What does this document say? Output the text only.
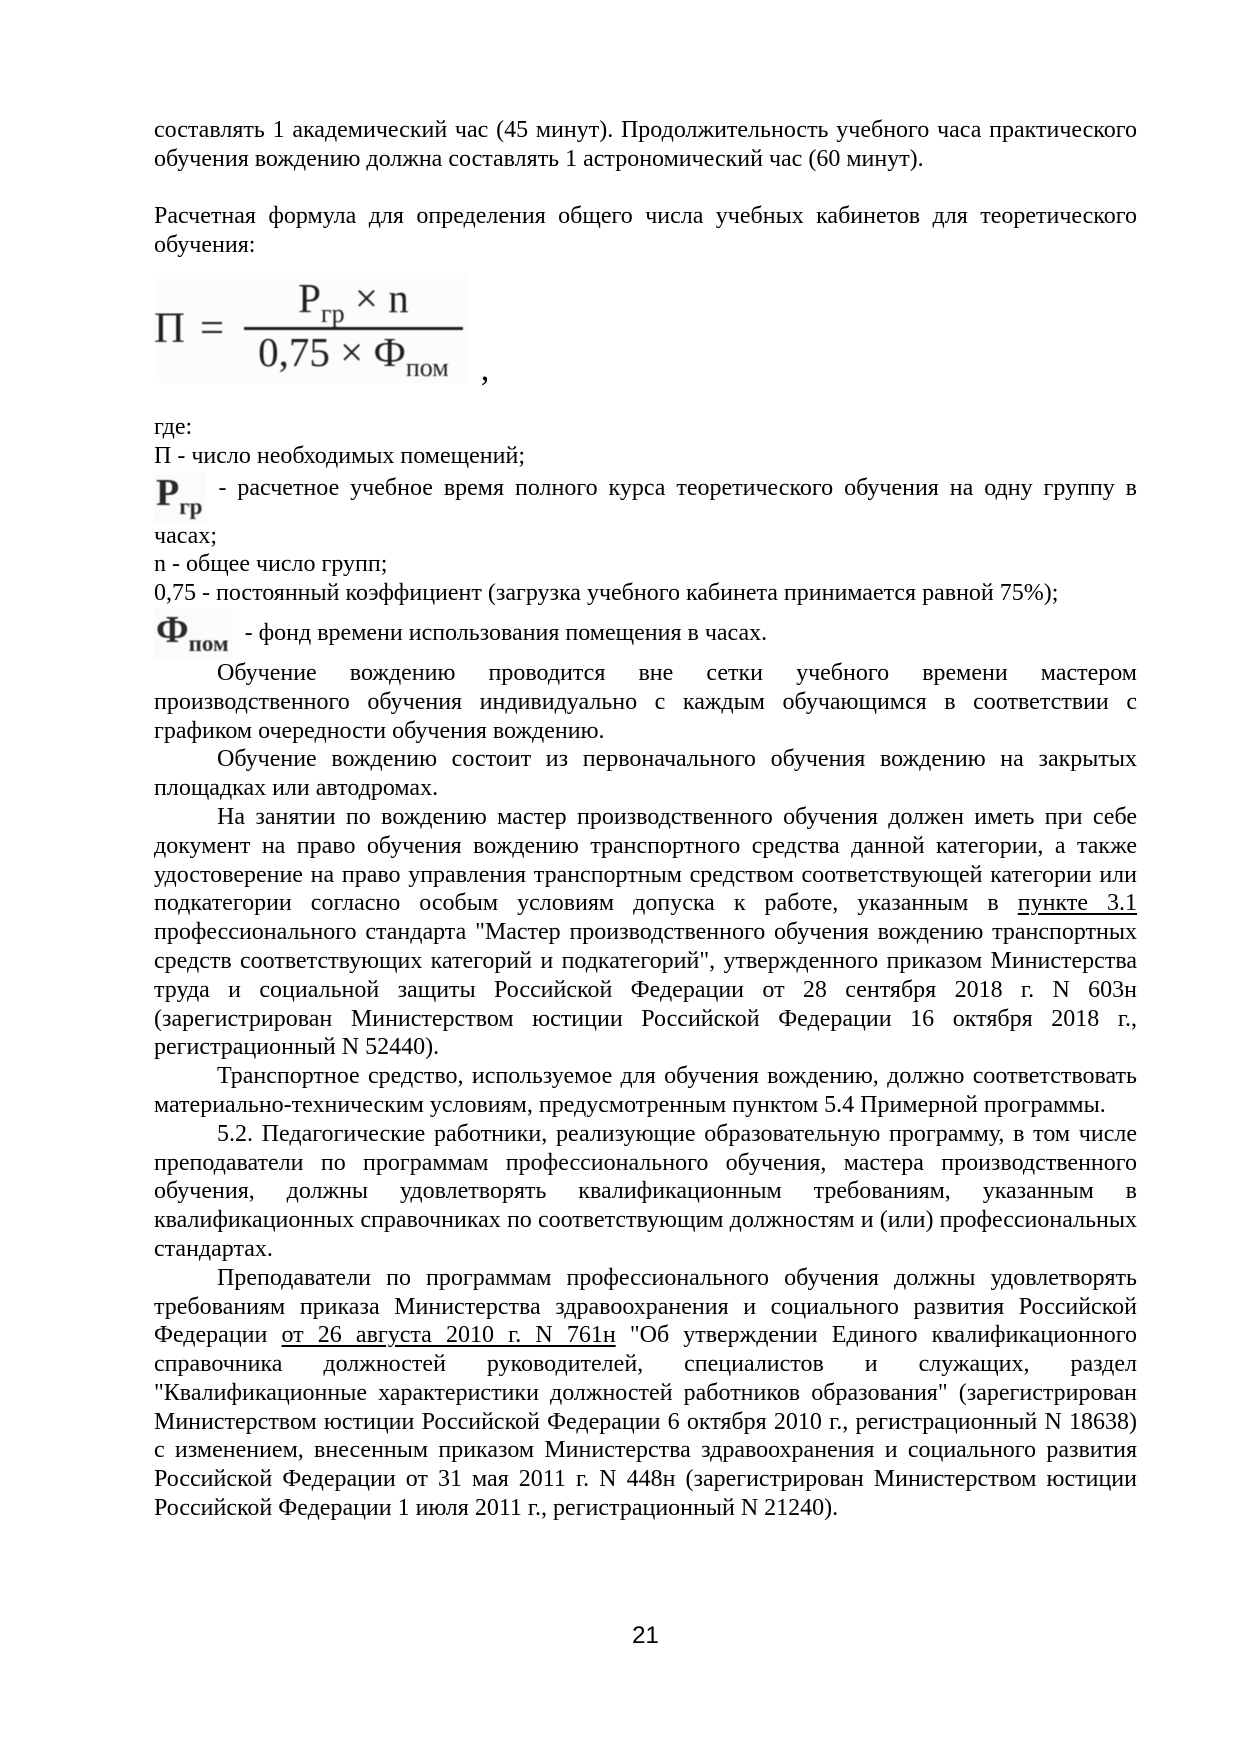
составлять 1 академический час (45 минут). Продолжительность учебного часа практического обучения вождению должна составлять 1 астрономический час (60 минут).

Расчетная формула для определения общего числа учебных кабинетов для теоретического обучения:

$П = \frac{P_{гр} \times n}{0,75 \times Ф_{пом}}$ ,

где:

П - число необходимых помещений;

$P_{гр}-$ расчетное учебное время полного курса теоретического обучения на одну группу в часах;

n - общее число групп;

0,75 - постоянный коэффициент (загрузка учебного кабинета принимается равной 75%);

$Ф_{пом}$ - фонд времени использования помещения в часах.

Обучение вождению проводится вне сетки учебного времени мастером производственного обучения индивидуально с каждым обучающимся в соответствии с графиком очередности обучения вождению.

Обучение вождению состоит из первоначального обучения вождению на закрытых площадках или автодромах.

На занятии по вождению мастер производственного обучения должен иметь при себе документ на право обучения вождению транспортного средства данной категории, а также удостоверение на право управления транспортным средством соответствующей категории или подкатегории согласно особым условиям допуска к работе, указанным в пункте 3.1 профессионального стандарта "Мастер производственного обучения вождению транспортных средств соответствующих категорий и подкатегорий", утвержденного приказом Министерства труда и социальной защиты Российской Федерации от 28 сентября 2018 г. N 603н (зарегистрирован Министерством юстиции Российской Федерации 16 октября 2018 г., регистрационный N 52440).

Транспортное средство, используемое для обучения вождению, должно соответствовать материально-техническим условиям, предусмотренным пунктом 5.4 Примерной программы.

5.2. Педагогические работники, реализующие образовательную программу, в том числе преподаватели по программам профессионального обучения, мастера производственного обучения, должны удовлетворять квалификационным требованиям, указанным в квалификационных справочниках по соответствующим должностям и (или) профессиональных стандартах.

Преподаватели по программам профессионального обучения должны удовлетворять требованиям приказа Министерства здравоохранения и социального развития Российской Федерации от 26 августа 2010 г. N 761н "Об утверждении Единого квалификационного справочника должностей руководителей, специалистов и служащих, раздел "Квалификационные характеристики должностей работников образования" (зарегистрирован Министерством юстиции Российской Федерации 6 октября 2010 г., регистрационный N 18638) с изменением, внесенным приказом Министерства здравоохранения и социального развития Российской Федерации от 31 мая 2011 г. N 448н (зарегистрирован Министерством юстиции Российской Федерации 1 июля 2011 г., регистрационный N 21240).

21
